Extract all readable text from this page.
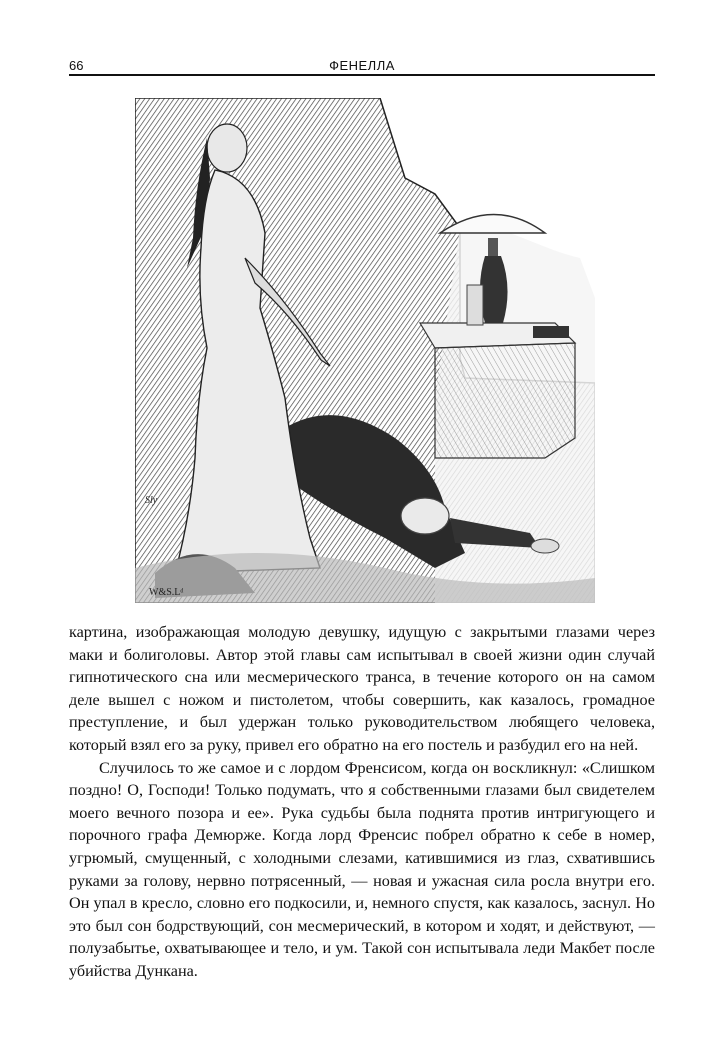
66	ФЕНЕЛЛА
W&S.Lᵈ
Sly

картина, изображающая молодую девушку, идущую с закрытыми глазами через маки и болиголовы. Автор этой главы сам испытывал в своей жизни один случай гипнотического сна или месмерического транса, в течение которого он на самом деле вышел с ножом и пистолетом, чтобы совершить, как казалось, громадное преступление, и был удержан только руководительством любящего человека, который взял его за руку, привел его обратно на его постель и разбудил его на ней.

Случилось то же самое и с лордом Френсисом, когда он воскликнул: «Слишком поздно! О, Господи! Только подумать, что я собственными глазами был свидетелем моего вечного позора и ее». Рука судьбы была поднята против интригующего и порочного графа Демюрже. Когда лорд Френсис побрел обратно к себе в номер, угрюмый, смущенный, с холодными слезами, катившимися из глаз, схватившись руками за голову, нервно потрясенный, — новая и ужасная сила росла внутри его. Он упал в кресло, словно его подкосили, и, немного спустя, как казалось, заснул. Но это был сон бодрствующий, сон месмерический, в котором и ходят, и действуют, — полузабытье, охватывающее и тело, и ум. Такой сон испытывала леди Макбет после убийства Дункана.
